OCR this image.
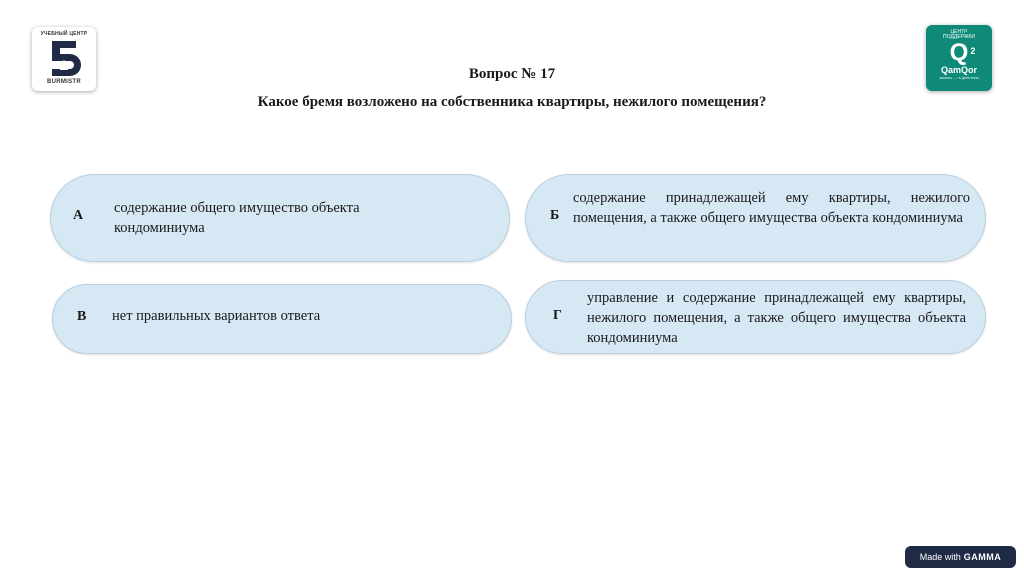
УЧЕБНЫЙ ЦЕНТР
BURMISTR
ЦЕНТР
ПОДДЕРЖКИ
Q 2
QamQor
законы — в действии
Вопрос № 17
Какое бремя возложено на собственника квартиры, нежилого помещения?
А содержание общего имущество объекта кондоминиума
Б
содержание принадлежащей ему квартиры, нежилого помещения, а также общего имущества объекта кондоминиума
В нет правильных вариантов ответа	Г
управление и содержание принадлежащей ему квартиры, нежилого помещения, а также общего имущества объекта кондоминиума
Made with GAMMA
